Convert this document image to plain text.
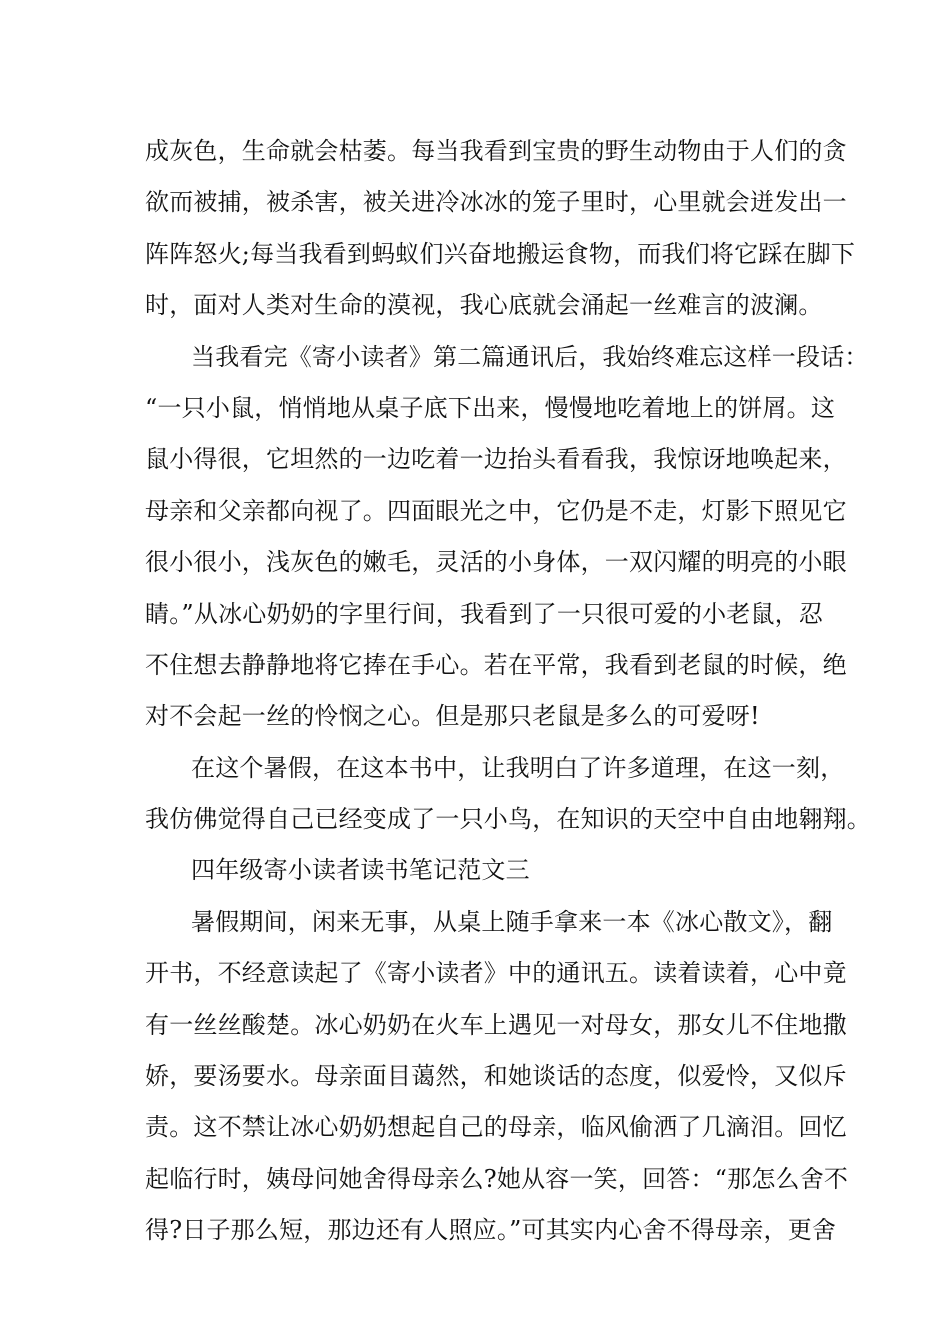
成灰色，生命就会枯萎。每当我看到宝贵的野生动物由于人们的贪
欲而被捕，被杀害，被关进冷冰冰的笼子里时，心里就会迸发出一
阵阵怒火;每当我看到蚂蚁们兴奋地搬运食物，而我们将它踩在脚下
时，面对人类对生命的漠视，我心底就会涌起一丝难言的波澜。
当我看完《寄小读者》第二篇通讯后，我始终难忘这样一段话：
“一只小鼠，悄悄地从桌子底下出来，慢慢地吃着地上的饼屑。这
鼠小得很，它坦然的一边吃着一边抬头看看我，我惊讶地唤起来，
母亲和父亲都向视了。四面眼光之中，它仍是不走，灯影下照见它
很小很小，浅灰色的嫩毛，灵活的小身体，一双闪耀的明亮的小眼
睛。”从冰心奶奶的字里行间，我看到了一只很可爱的小老鼠，忍
不住想去静静地将它捧在手心。若在平常，我看到老鼠的时候，绝
对不会起一丝的怜悯之心。但是那只老鼠是多么的可爱呀!
在这个暑假，在这本书中，让我明白了许多道理，在这一刻，
我仿佛觉得自己已经变成了一只小鸟，在知识的天空中自由地翱翔。
四年级寄小读者读书笔记范文三
暑假期间，闲来无事，从桌上随手拿来一本《冰心散文》，翻
开书，不经意读起了《寄小读者》中的通讯五。读着读着，心中竟
有一丝丝酸楚。冰心奶奶在火车上遇见一对母女，那女儿不住地撒
娇，要汤要水。母亲面目蔼然，和她谈话的态度，似爱怜，又似斥
责。这不禁让冰心奶奶想起自己的母亲，临风偷洒了几滴泪。回忆
起临行时，姨母问她舍得母亲么?她从容一笑，回答：“那怎么舍不
得?日子那么短，那边还有人照应。”可其实内心舍不得母亲，更舍
